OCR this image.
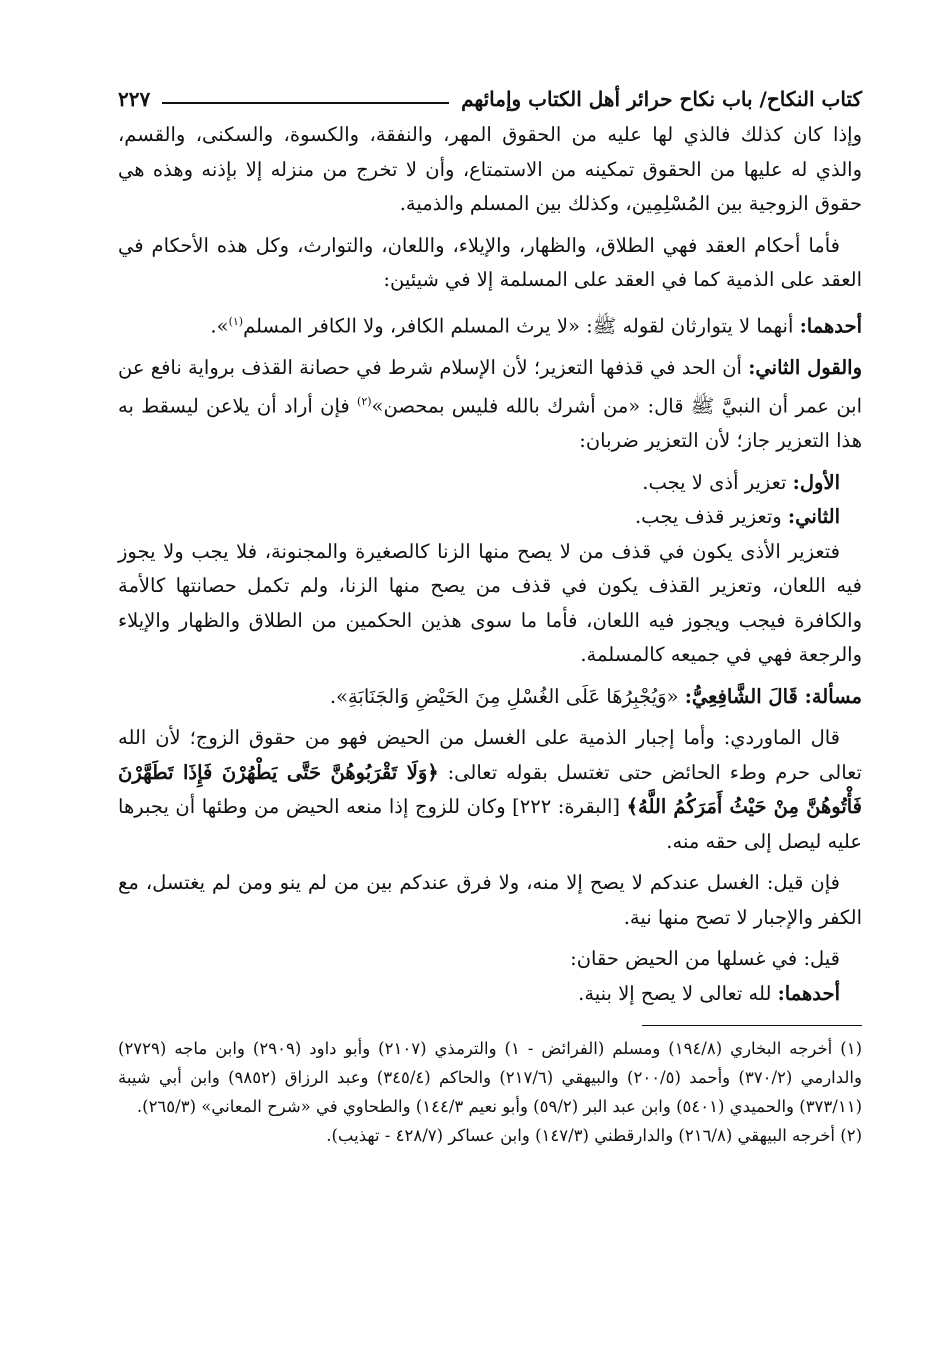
كتاب النكاح/ باب نكاح حرائر أهل الكتاب وإمائهم
٢٢٧

وإذا كان كذلك فالذي لها عليه من الحقوق المهر، والنفقة، والكسوة، والسكنى، والقسم، والذي له عليها من الحقوق تمكينه من الاستمتاع، وأن لا تخرج من منزله إلا بإذنه وهذه هي حقوق الزوجية بين المُسْلِمِين، وكذلك بين المسلم والذمية.

فأما أحكام العقد فهي الطلاق، والظهار، والإيلاء، واللعان، والتوارث، وكل هذه الأحكام في العقد على الذمية كما في العقد على المسلمة إلا في شيئين:

أحدهما: أنهما لا يتوارثان لقوله ﷺ: «لا يرث المسلم الكافر، ولا الكافر المسلم$^{(١)}$».

والقول الثاني: أن الحد في قذفها التعزير؛ لأن الإسلام شرط في حصانة القذف برواية نافع عن ابن عمر أن النبيَّ ﷺ قال: «من أشرك بالله فليس بمحصن»$^{(٢)}$ فإن أراد أن يلاعن ليسقط به هذا التعزير جاز؛ لأن التعزير ضربان:

الأول: تعزير أذى لا يجب.

الثاني: وتعزير قذف يجب.

فتعزير الأذى يكون في قذف من لا يصح منها الزنا كالصغيرة والمجنونة، فلا يجب ولا يجوز فيه اللعان، وتعزير القذف يكون في قذف من يصح منها الزنا، ولم تكمل حصانتها كالأمة والكافرة فيجب ويجوز فيه اللعان، فأما ما سوى هذين الحكمين من الطلاق والظهار والإيلاء والرجعة فهي في جميعه كالمسلمة.

مسألة: قَالَ الشَّافِعِيُّ: «وَيُجْبِرُهَا عَلَى الغُسْلِ مِنَ الحَيْضِ وَالجَنَابَةِ».

قال الماوردي: وأما إجبار الذمية على الغسل من الحيض فهو من حقوق الزوج؛ لأن الله تعالى حرم وطء الحائض حتى تغتسل بقوله تعالى: ﴿وَلَا تَقْرَبُوهُنَّ حَتَّى يَطْهُرْنَ فَإِذَا تَطَهَّرْنَ فَأْتُوهُنَّ مِنْ حَيْثُ أَمَرَكُمُ اللَّهُ﴾ [البقرة: ٢٢٢] وكان للزوج إذا منعه الحيض من وطئها أن يجبرها عليه ليصل إلى حقه منه.

فإن قيل: الغسل عندكم لا يصح إلا منه، ولا فرق عندكم بين من لم ينو ومن لم يغتسل، مع الكفر والإجبار لا تصح منها نية.

قيل: في غسلها من الحيض حقان:

أحدهما: لله تعالى لا يصح إلا بنية.

(١) أخرجه البخاري (١٩٤/٨) ومسلم (الفرائض - ١) والترمذي (٢١٠٧) وأبو داود (٢٩٠٩) وابن ماجه (٢٧٢٩) والدارمي (٣٧٠/٢) وأحمد (٢٠٠/٥) والبيهقي (٢١٧/٦) والحاكم (٣٤٥/٤) وعبد الرزاق (٩٨٥٢) وابن أبي شيبة (٣٧٣/١١) والحميدي (٥٤٠١) وابن عبد البر (٥٩/٢) وأبو نعيم ١٤٤/٣) والطحاوي في «شرح المعاني» (٢٦٥/٣).

(٢) أخرجه البيهقي (٢١٦/٨) والدارقطني (١٤٧/٣) وابن عساكر (٤٢٨/٧ - تهذيب).
